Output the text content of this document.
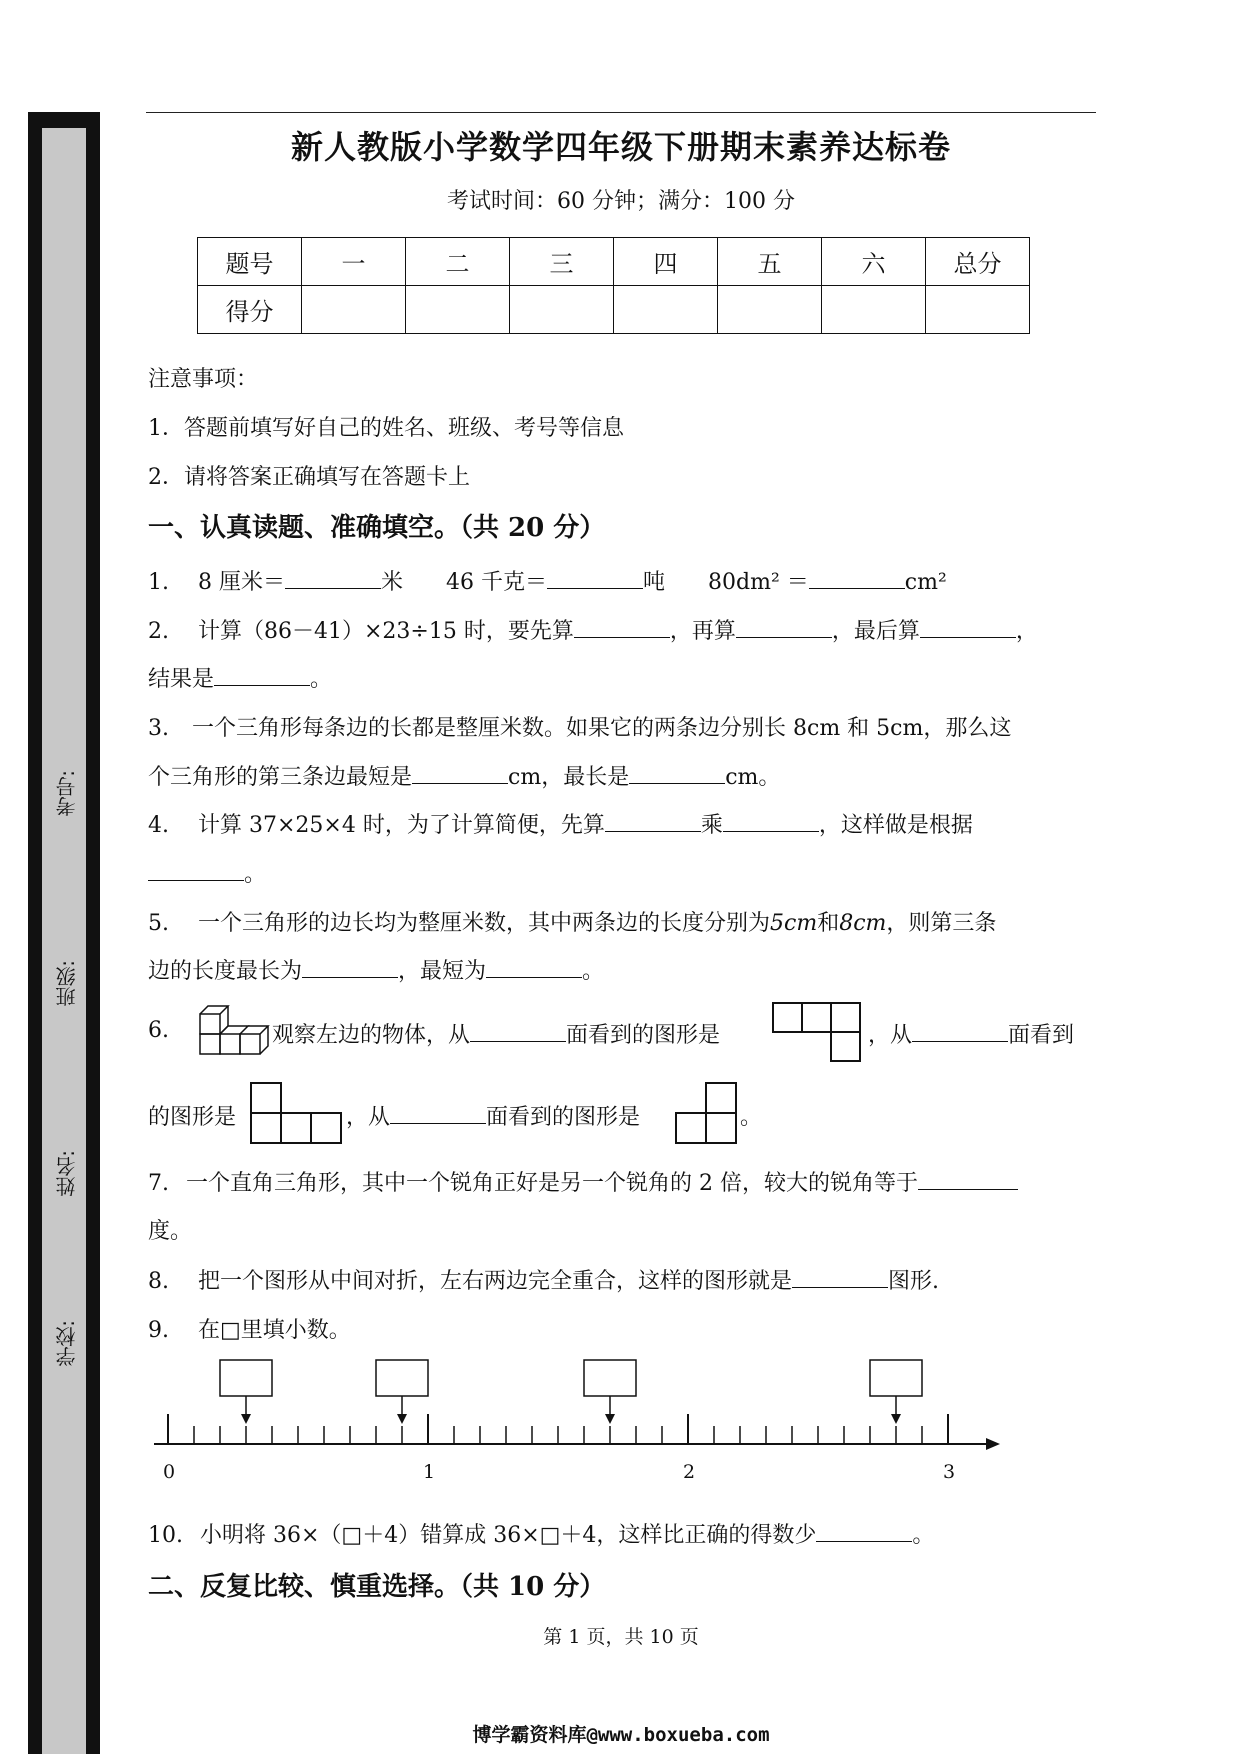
考号:
班级:
姓名:
学校:
新人教版小学数学四年级下册期末素养达标卷
考试时间：60 分钟；满分：100 分
题号	一	二	三	四	五	六	总分
得分							
注意事项：
1．答题前填写好自己的姓名、班级、考号等信息
2．请将答案正确填写在答题卡上
一、认真读题、准确填空。（共 20 分）
1. 8 厘米＝	米 46 千克＝	吨 80dm² ＝	cm²
2. 计算（86－41）×23÷15 时，要先算	，再算	，最后算	，
结果是	。
3. 一个三角形每条边的长都是整厘米数。如果它的两条边分别长 8cm 和 5cm，那么这
个三角形的第三条边最短是	cm，最长是	cm。
4. 计算 37×25×4 时，为了计算简便，先算	乘	，这样做是根据
。
5. 一个三角形的边长均为整厘米数，其中两条边的长度分别为5cm和8cm，则第三条
边的长度最长为	，最短为	。
6.	观察左边的物体，从	面看到的图形是	，从	面看到
的图形是	，从	面看到的图形是	。
7. 一个直角三角形，其中一个锐角正好是另一个锐角的 2 倍，较大的锐角等于
度。
8. 把一个图形从中间对折，左右两边完全重合，这样的图形就是	图形.
9. 在□里填小数。
0	1	2	3
10. 小明将 36×（□＋4）错算成 36×□＋4，这样比正确的得数少	。
二、反复比较、慎重选择。（共 10 分）
第 1 页，共 10 页
博学霸资料库@www.boxueba.com
